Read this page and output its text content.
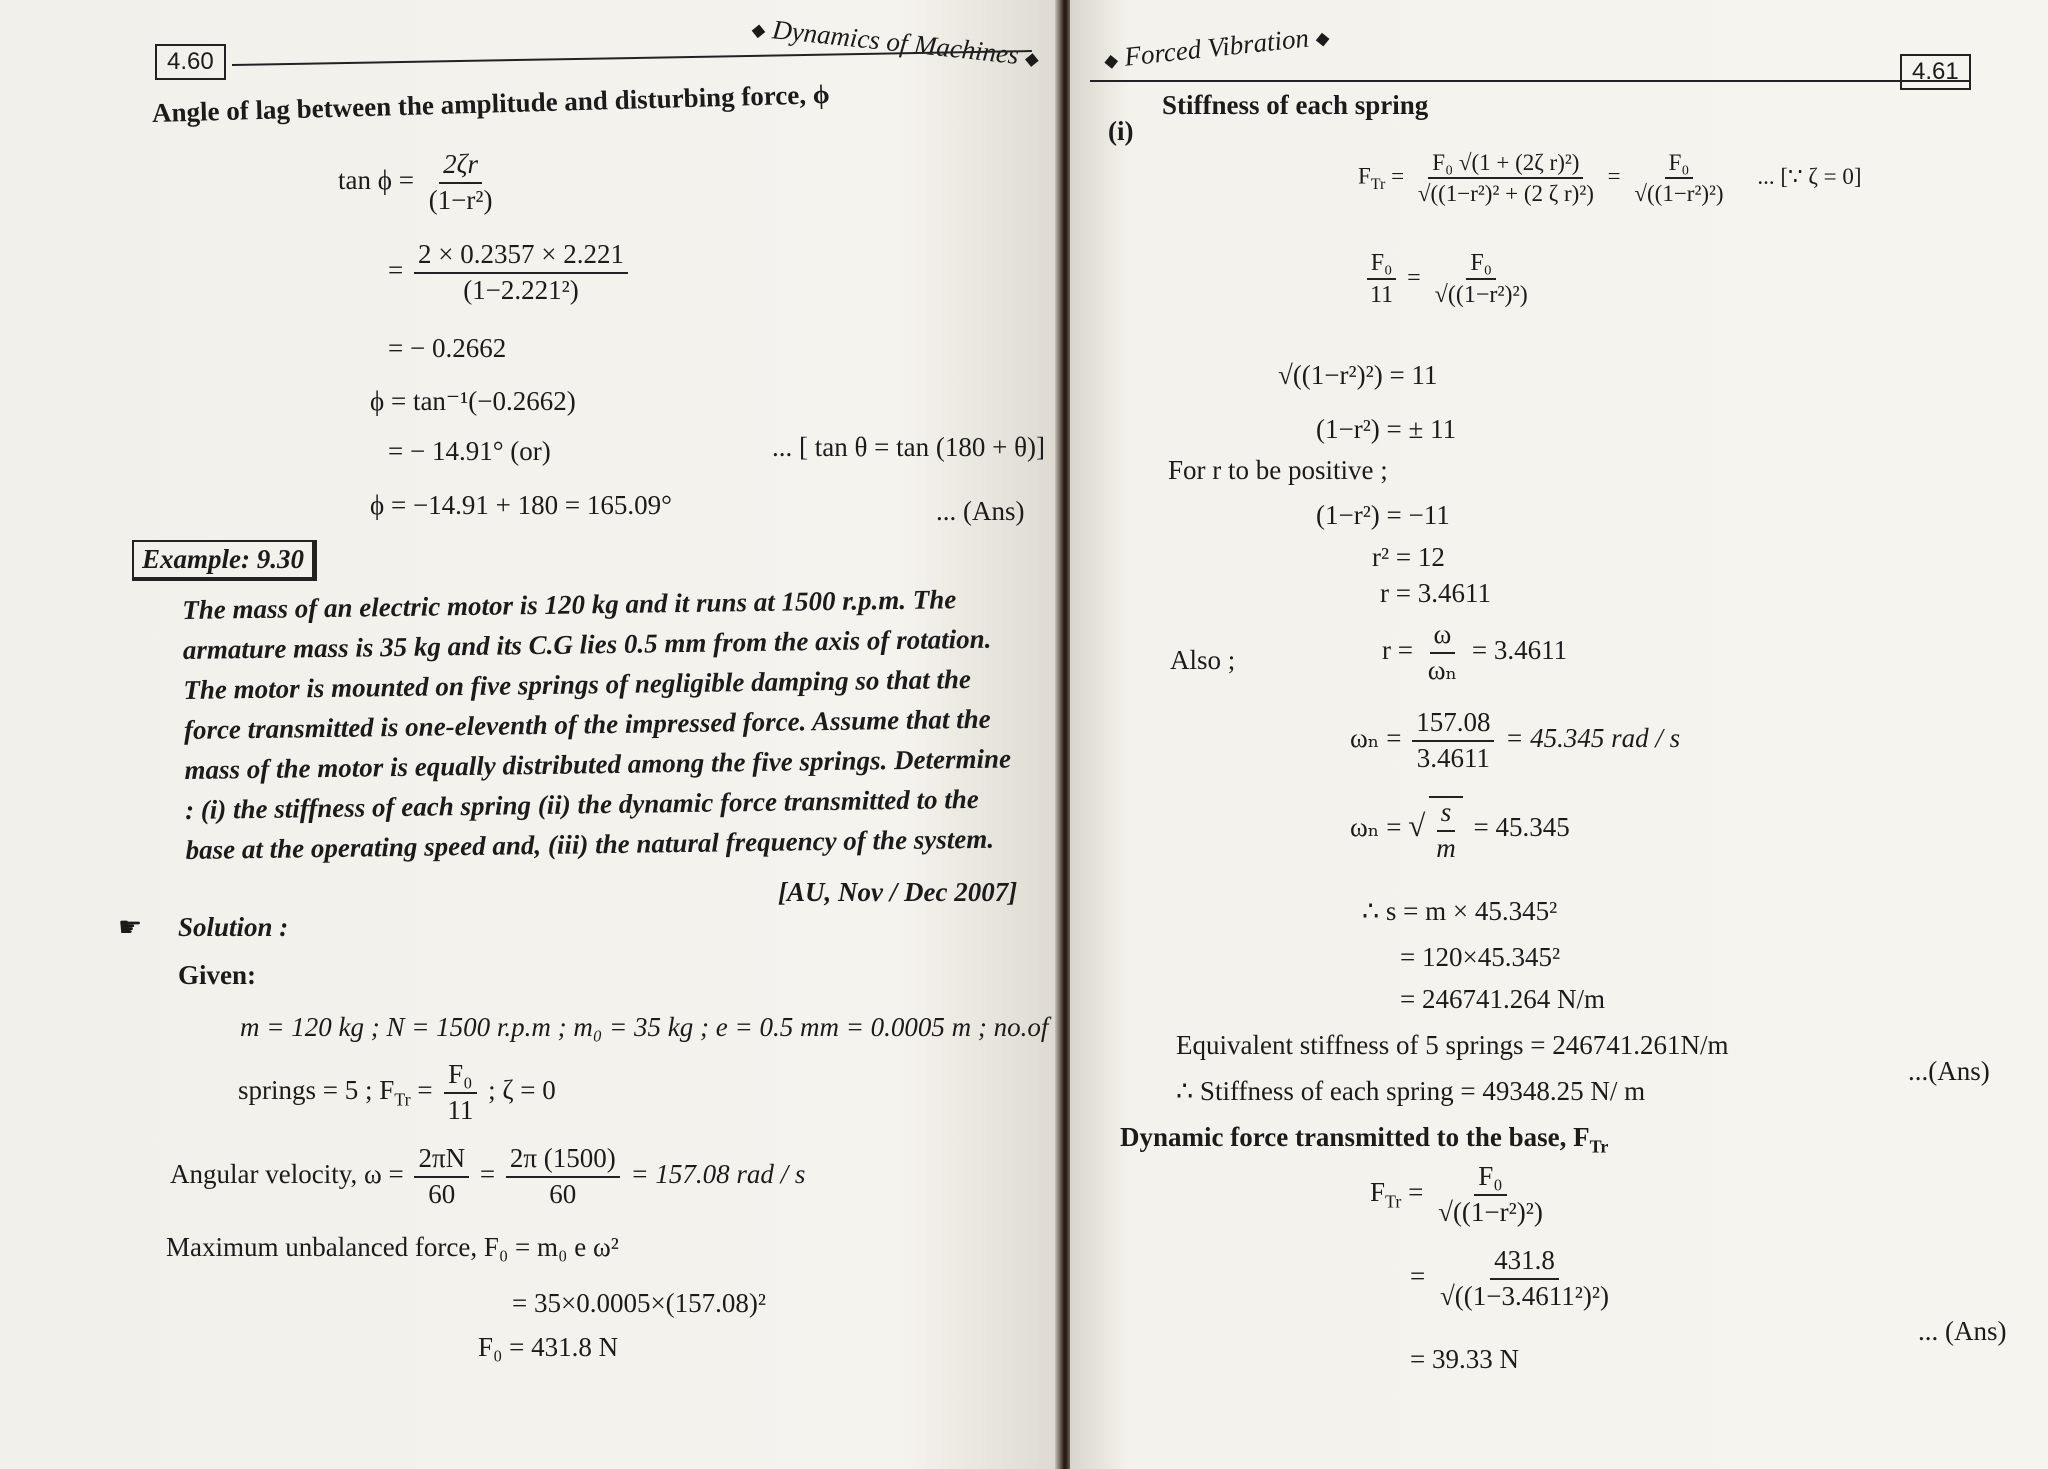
4.60
◆ Dynamics of Machines ◆
Angle of lag between the amplitude and disturbing force, ϕ
$\tan \phi = \frac{2\zeta r}{\text{(1−r²)}}$
= $\frac{2 \times 0.2357 \times 2.221}{\text{(1−2.221²)}}$
= − 0.2662
ϕ = tan⁻¹(−0.2662)
= − 14.91° (or)	... [ tan θ = tan (180 + θ)]
ϕ = −14.91 + 180 = 165.09°	... (Ans)
Example: 9.30
The mass of an electric motor is 120 kg and it runs at 1500 r.p.m. The
armature mass is 35 kg and its C.G lies 0.5 mm from the axis of rotation.
The motor is mounted on five springs of negligible damping so that the
force transmitted is one-eleventh of the impressed force. Assume that the
mass of the motor is equally distributed among the five springs. Determine
: (i) the stiffness of each spring (ii) the dynamic force transmitted to the
base at the operating speed and, (iii) the natural frequency of the system.
[AU, Nov / Dec 2007]
☛ Solution :
Given:
m = 120 kg ; N = 1500 r.p.m ; m₀ = 35 kg ; e = 0.5 mm = 0.0005 m ; no.of
springs = 5 ; $F_{Tr} = \frac{\text{F₀}}{11}$ ; ζ = 0
Angular velocity, $\omega = \frac{2\pi N}{60} = \frac{2\pi (1500)}{60} = 157.08$ rad / s
Maximum unbalanced force, F₀ = m₀ e ω²
= 35×0.0005×(157.08)²
F₀ = 431.8 N
◆ Forced Vibration ◆
4.61
(i)
Stiffness of each spring
$F_{Tr} = \frac{\text{F₀ √(1 + (2ζ r)²)}}{\text{√((1−r²)² + (2 ζ r)²)}} = \frac{\text{F₀}}{\text{√((1−r²)²)}}$ ... [∵ ζ = 0]
$\frac{\text{F₀}}{11} = \frac{\text{F₀}}{\text{√((1−r²)²)}}$
√((1−r²)²) = 11
(1−r²) = ± 11
For r to be positive ;
(1−r²) = −11
r² = 12
r = 3.4611
Also ;	$r = \frac{\omega}{\text{ωₙ}} = 3.4611$
$\omega_n = \frac{157.08}{3.4611} = 45.345$ rad / s
ωₙ = √ $\frac{s}{m} = 45.345$
∴ s = m × 45.345²
= 120×45.345²
= 246741.264 N/m
Equivalent stiffness of 5 springs = 246741.261N/m
∴ Stiffness of each spring = 49348.25 N/ m
...(Ans)
Dynamic force transmitted to the base, $F_{Tr}$
$F_{Tr} = \frac{\text{F₀}}{\text{√((1−r²)²)}}$
= $\frac{431.8}{\text{√((1−3.4611²)²)}}$
= 39.33 N
... (Ans)
